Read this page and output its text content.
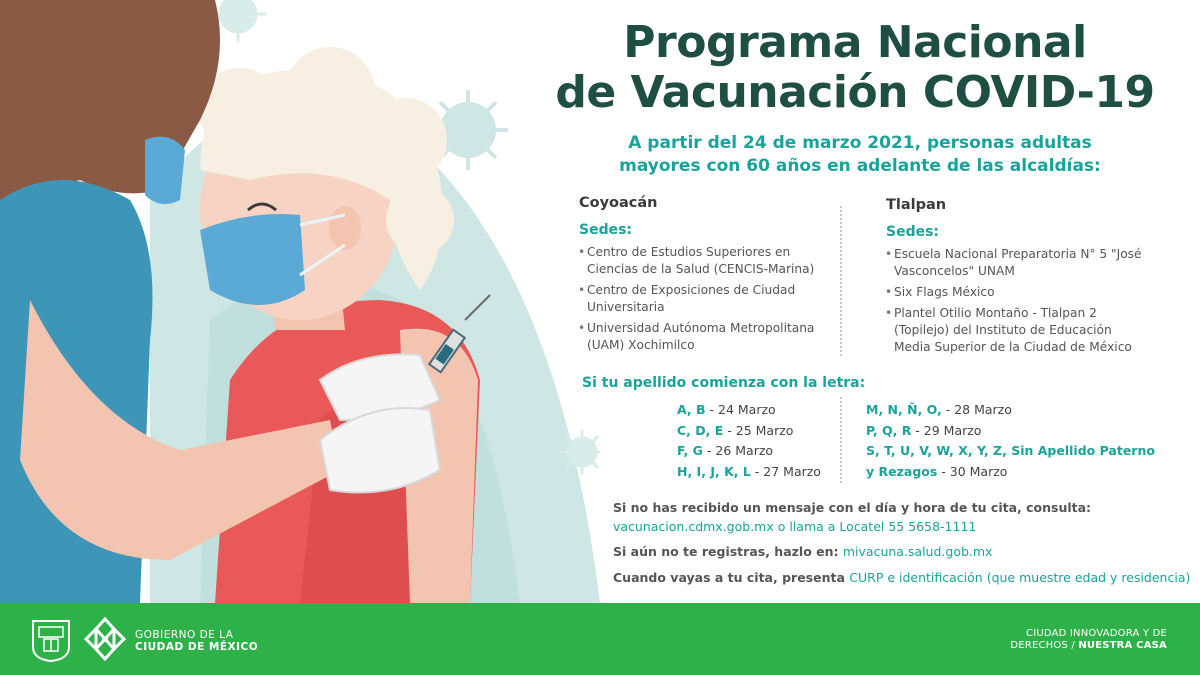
Programa Nacional
de Vacunación COVID-19
A partir del 24 de marzo 2021, personas adultas
mayores con 60 años en adelante de las alcaldías:
Coyoacán
Sedes:
• Centro de Estudios Superiores en Ciencias de la Salud (CENCIS-Marina)
• Centro de Exposiciones de Ciudad Universitaria
• Universidad Autónoma Metropolitana (UAM) Xochimilco
Tlalpan
Sedes:
• Escuela Nacional Preparatoria N° 5 "José Vasconcelos" UNAM
• Six Flags México
• Plantel Otilio Montaño - Tlalpan 2 (Topilejo) del Instituto de Educación Media Superior de la Ciudad de México
Si tu apellido comienza con la letra:
A, B - 24 Marzo
C, D, E - 25 Marzo
F, G - 26 Marzo
H, I, J, K, L - 27 Marzo
M, N, Ñ, O, - 28 Marzo
P, Q, R - 29 Marzo
S, T, U, V, W, X, Y, Z, Sin Apellido Paterno
y Rezagos - 30 Marzo
Si no has recibido un mensaje con el día y hora de tu cita, consulta:
vacunacion.cdmx.gob.mx o llama a Locatel 55 5658-1111
Si aún no te registras, hazlo en: mivacuna.salud.gob.mx
Cuando vayas a tu cita, presenta CURP e identificación (que muestre edad y residencia)
GOBIERNO DE LA
CIUDAD DE MÉXICO
CIUDAD INNOVADORA Y DE
DERECHOS / NUESTRA CASA
